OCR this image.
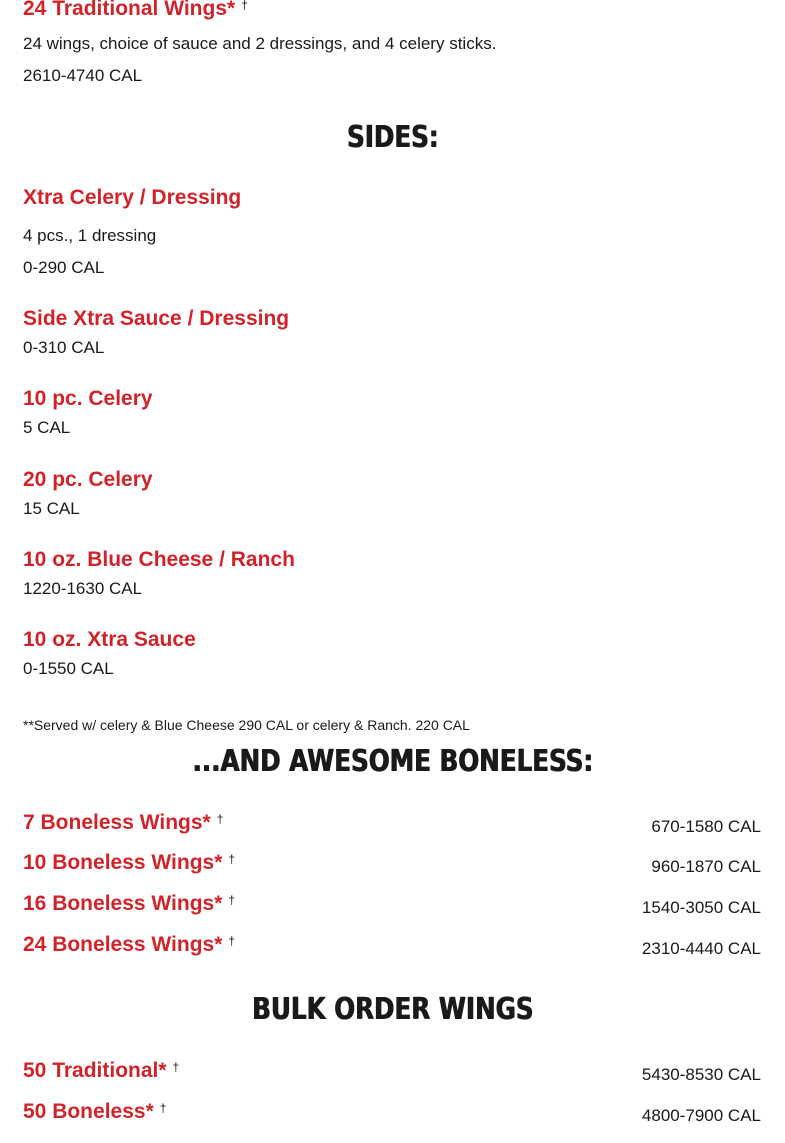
24 Traditional Wings* †
24 wings, choice of sauce and 2 dressings, and 4 celery sticks.
2610-4740 CAL
SIDES:
Xtra Celery / Dressing
4 pcs., 1 dressing
0-290 CAL
Side Xtra Sauce / Dressing
0-310 CAL
10 pc. Celery
5 CAL
20 pc. Celery
15 CAL
10 oz. Blue Cheese / Ranch
1220-1630 CAL
10 oz. Xtra Sauce
0-1550 CAL
**Served w/ celery & Blue Cheese 290 CAL or celery & Ranch. 220 CAL
...AND AWESOME BONELESS:
7 Boneless Wings* †	670-1580 CAL
10 Boneless Wings* †	960-1870 CAL
16 Boneless Wings* †	1540-3050 CAL
24 Boneless Wings* †	2310-4440 CAL
BULK ORDER WINGS
50 Traditional* †	5430-8530 CAL
50 Boneless* †	4800-7900 CAL
